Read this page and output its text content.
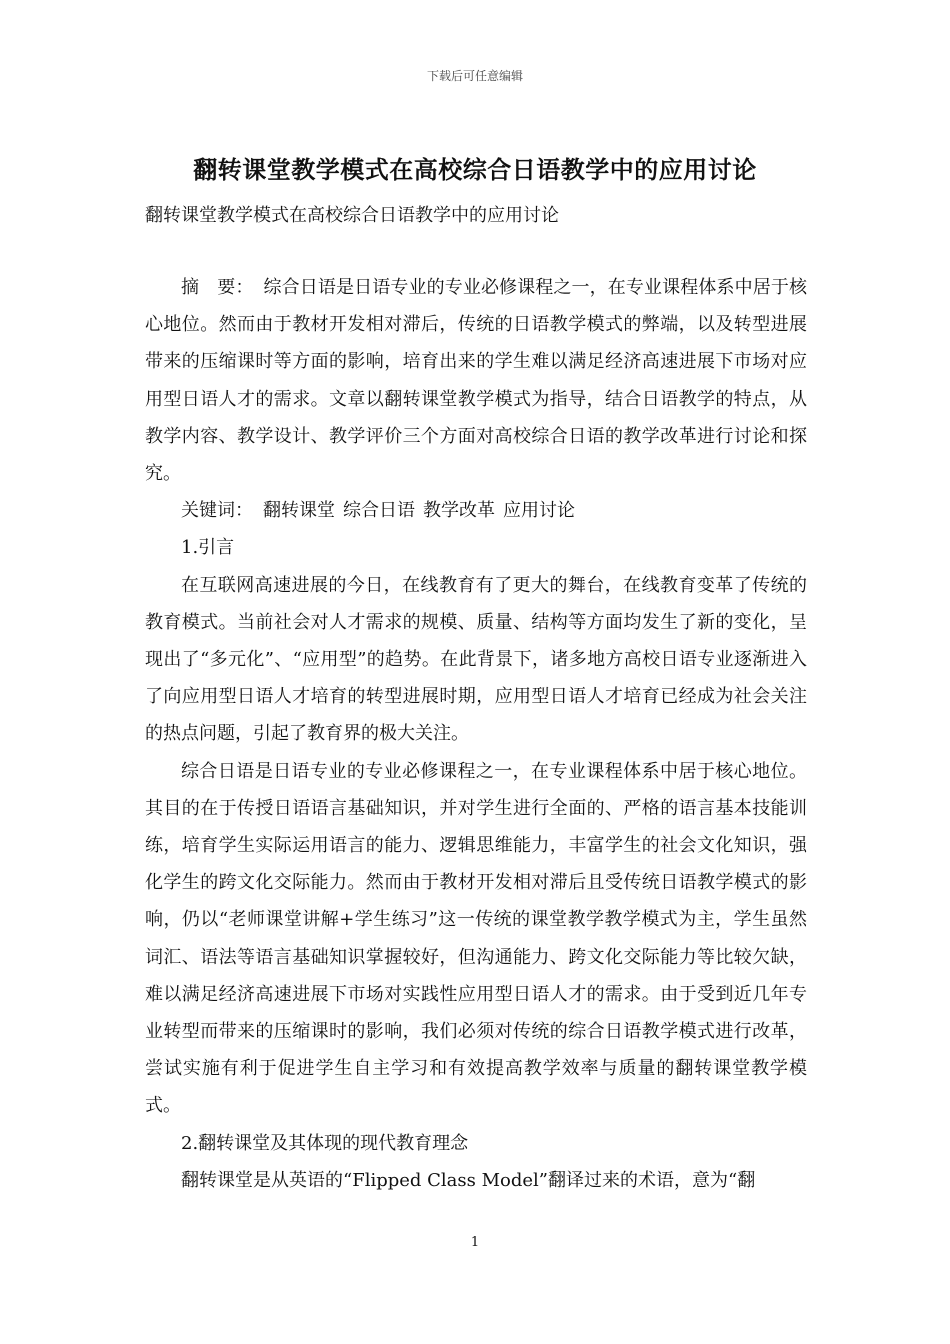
下载后可任意编辑
翻转课堂教学模式在高校综合日语教学中的应用讨论
翻转课堂教学模式在高校综合日语教学中的应用讨论

摘　要： 综合日语是日语专业的专业必修课程之一，在专业课程体系中居于核心地位。然而由于教材开发相对滞后，传统的日语教学模式的弊端，以及转型进展带来的压缩课时等方面的影响，培育出来的学生难以满足经济高速进展下市场对应用型日语人才的需求。文章以翻转课堂教学模式为指导，结合日语教学的特点，从教学内容、教学设计、教学评价三个方面对高校综合日语的教学改革进行讨论和探究。

关键词： 翻转课堂 综合日语 教学改革 应用讨论

1.引言

在互联网高速进展的今日，在线教育有了更大的舞台，在线教育变革了传统的教育模式。当前社会对人才需求的规模、质量、结构等方面均发生了新的变化，呈现出了“多元化”、“应用型”的趋势。在此背景下，诸多地方高校日语专业逐渐进入了向应用型日语人才培育的转型进展时期，应用型日语人才培育已经成为社会关注的热点问题，引起了教育界的极大关注。

综合日语是日语专业的专业必修课程之一，在专业课程体系中居于核心地位。其目的在于传授日语语言基础知识，并对学生进行全面的、严格的语言基本技能训练，培育学生实际运用语言的能力、逻辑思维能力，丰富学生的社会文化知识，强化学生的跨文化交际能力。然而由于教材开发相对滞后且受传统日语教学模式的影响，仍以“老师课堂讲解+学生练习”这一传统的课堂教学教学模式为主，学生虽然词汇、语法等语言基础知识掌握较好，但沟通能力、跨文化交际能力等比较欠缺，难以满足经济高速进展下市场对实践性应用型日语人才的需求。由于受到近几年专业转型而带来的压缩课时的影响，我们必须对传统的综合日语教学模式进行改革，尝试实施有利于促进学生自主学习和有效提高教学效率与质量的翻转课堂教学模式。

2.翻转课堂及其体现的现代教育理念

翻转课堂是从英语的“Flipped Class Model”翻译过来的术语，意为“翻

1
